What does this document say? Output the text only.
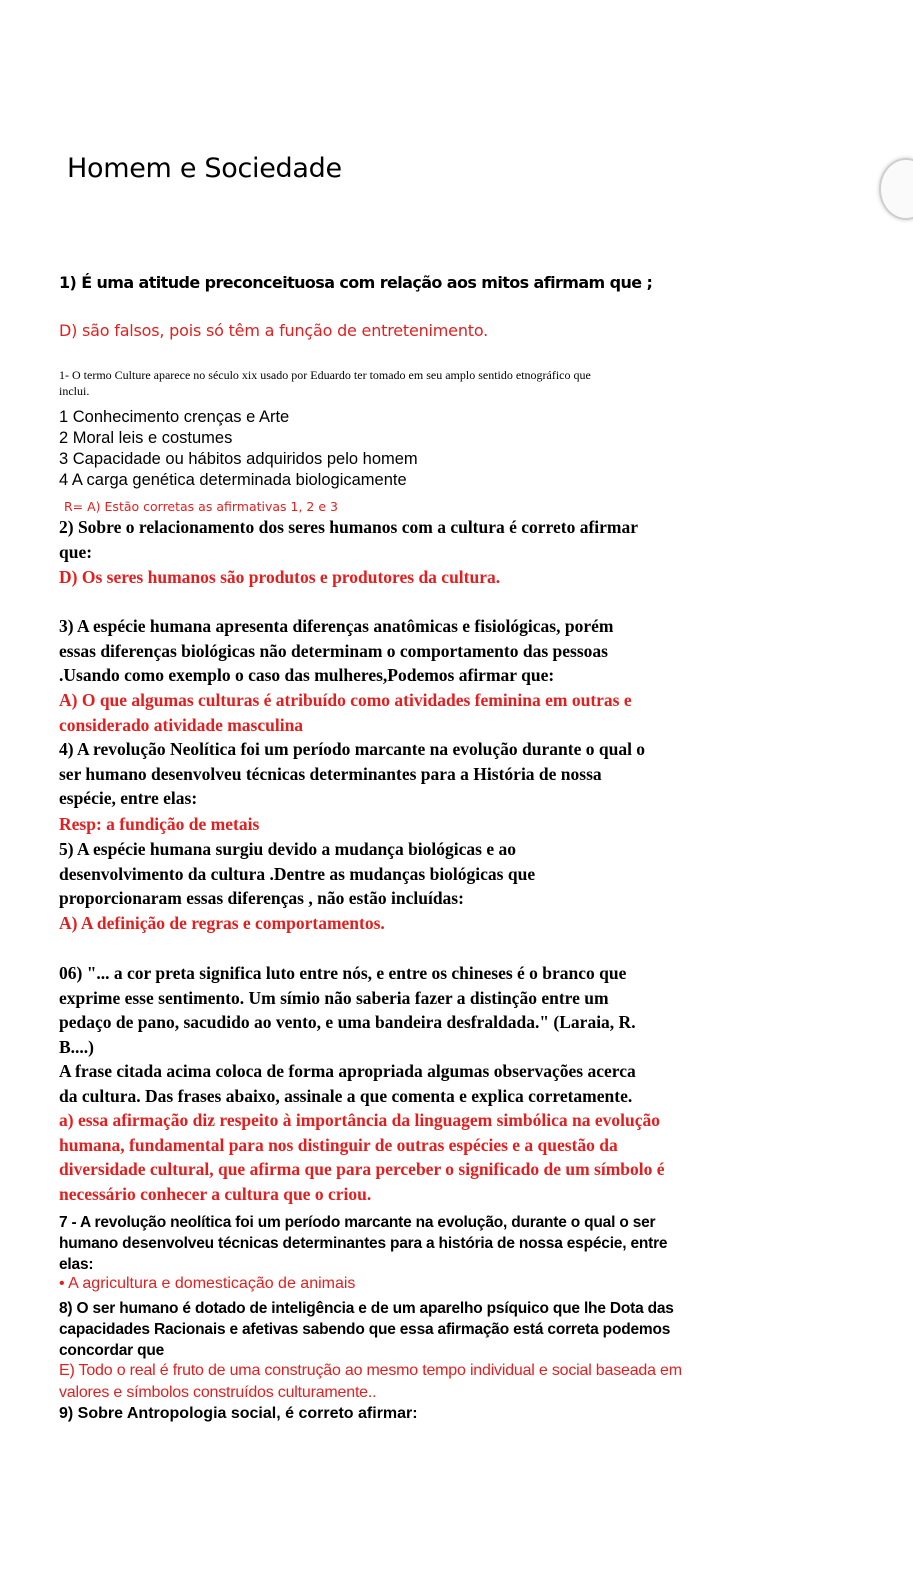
Homem e Sociedade
1) É uma atitude preconceituosa com relação aos mitos afirmam que ;
D) são falsos, pois só têm a função de entretenimento.
1- O termo Culture aparece no século xix usado por Eduardo ter tomado em seu amplo sentido etnográfico que
inclui.
1 Conhecimento crenças e Arte
2 Moral leis e costumes
3 Capacidade ou hábitos adquiridos pelo homem
4 A carga genética determinada biologicamente
R= A) Estão corretas as afirmativas 1, 2 e 3
2) Sobre o relacionamento dos seres humanos com a cultura é correto afirmar
que:
D) Os seres humanos são produtos e produtores da cultura.
3) A espécie humana apresenta diferenças anatômicas e fisiológicas, porém
essas diferenças biológicas não determinam o comportamento das pessoas
.Usando como exemplo o caso das mulheres,Podemos afirmar que:
A) O que algumas culturas é atribuído como atividades feminina em outras e
considerado atividade masculina
4) A revolução Neolítica foi um período marcante na evolução durante o qual o
ser humano desenvolveu técnicas determinantes para a História de nossa
espécie, entre elas:
Resp: a fundição de metais
5) A espécie humana surgiu devido a mudança biológicas e ao
desenvolvimento da cultura .Dentre as mudanças biológicas que
proporcionaram essas diferenças , não estão incluídas:
A) A definição de regras e comportamentos.
06) "... a cor preta significa luto entre nós, e entre os chineses é o branco que
exprime esse sentimento. Um símio não saberia fazer a distinção entre um
pedaço de pano, sacudido ao vento, e uma bandeira desfraldada." (Laraia, R.
B....)
A frase citada acima coloca de forma apropriada algumas observações acerca
da cultura. Das frases abaixo, assinale a que comenta e explica corretamente.
a) essa afirmação diz respeito à importância da linguagem simbólica na evolução
humana, fundamental para nos distinguir de outras espécies e a questão da
diversidade cultural, que afirma que para perceber o significado de um símbolo é
necessário conhecer a cultura que o criou.
7 - A revolução neolítica foi um período marcante na evolução, durante o qual o ser
humano desenvolveu técnicas determinantes para a história de nossa espécie, entre
elas:
• A agricultura e domesticação de animais
8) O ser humano é dotado de inteligência e de um aparelho psíquico que lhe Dota das
capacidades Racionais e afetivas sabendo que essa afirmação está correta podemos
concordar que
E) Todo o real é fruto de uma construção ao mesmo tempo individual e social baseada em
valores e símbolos construídos culturamente..
9) Sobre Antropologia social, é correto afirmar:
